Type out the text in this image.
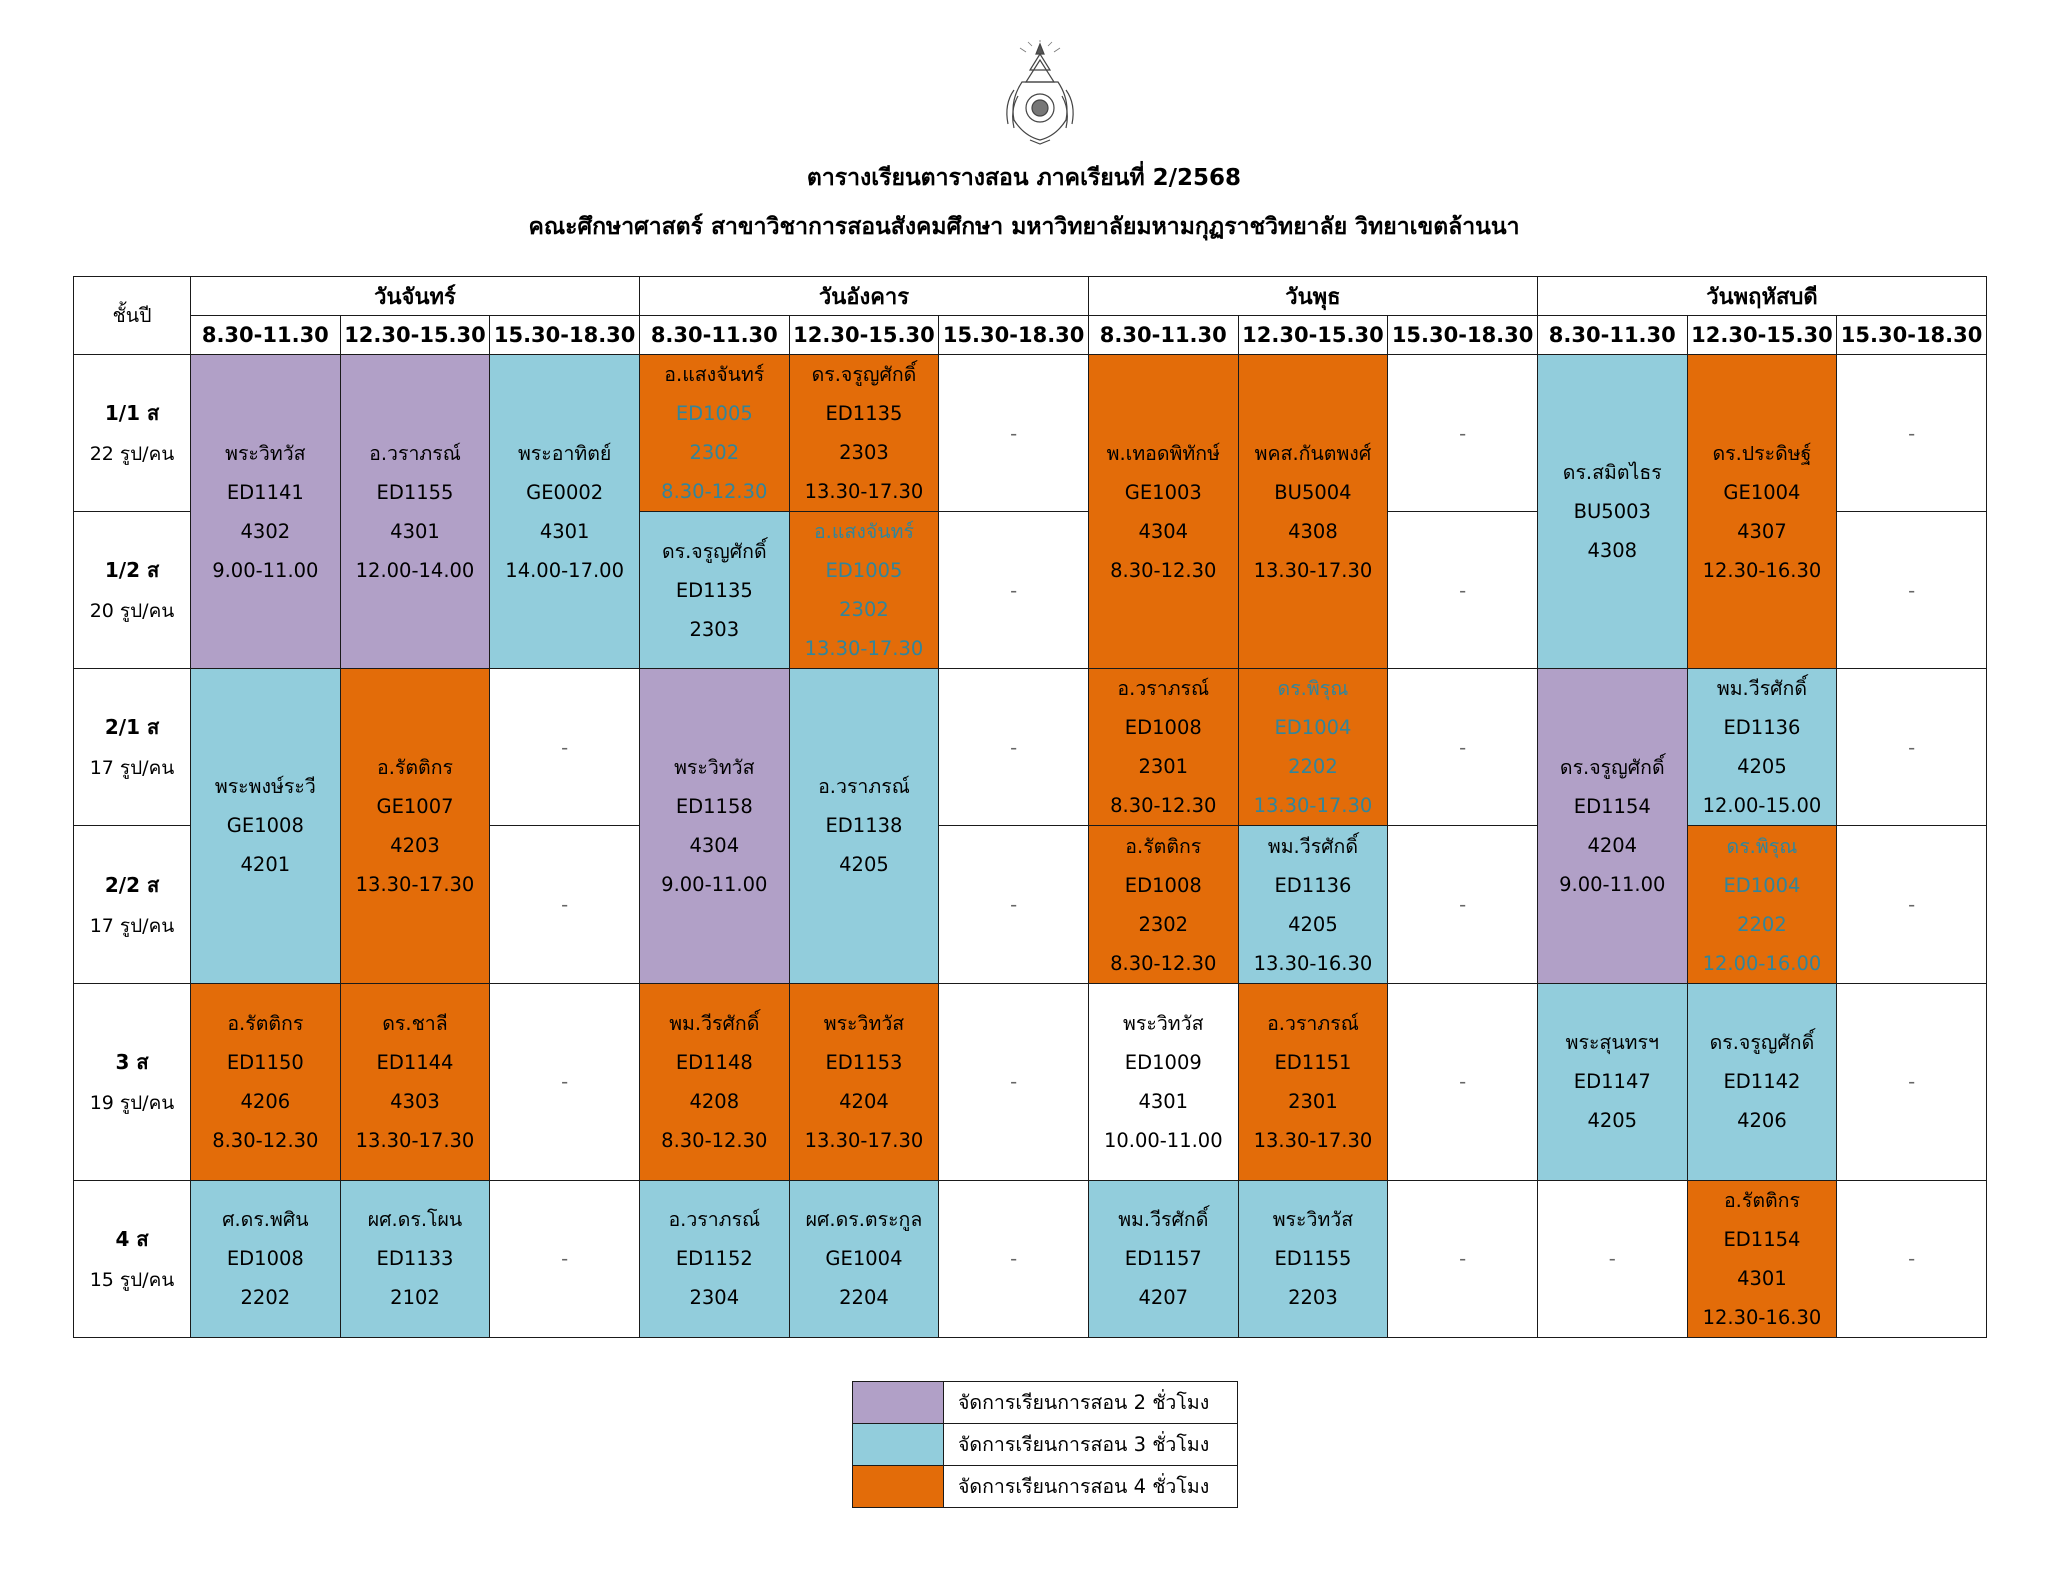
ตารางเรียนตารางสอน ภาคเรียนที่ 2/2568
คณะศึกษาศาสตร์ สาขาวิชาการสอนสังคมศึกษา มหาวิทยาลัยมหามกุฏราชวิทยาลัย วิทยาเขตล้านนา
ชั้นปี	วันจันทร์			วันอังคาร			วันพุธ			วันพฤหัสบดี		
	8.30-11.30	12.30-15.30	15.30-18.30	8.30-11.30	12.30-15.30	15.30-18.30	8.30-11.30	12.30-15.30	15.30-18.30	8.30-11.30	12.30-15.30	15.30-18.30

1/1 ส
22 รูป/คน	พระวิทวัส
ED1141
4302
9.00-11.00	อ.วราภรณ์
ED1155
4301
12.00-14.00	พระอาทิตย์
GE0002
4301
14.00-17.00	อ.แสงจันทร์
ED1005
2302
8.30-12.30	ดร.จรูญศักดิ์
ED1135
2303
13.30-17.30	-	พ.เทอดพิทักษ์
GE1003
4304
8.30-12.30	พคส.กันตพงศ์
BU5004
4308
13.30-17.30	-	ดร.สมิตไธร
BU5003
4308	ดร.ประดิษฐ์
GE1004
4307
12.30-16.30	-

1/2 ส
20 รูป/คน				ดร.จรูญศักดิ์
ED1135
2303	อ.แสงจันทร์
ED1005
2302
13.30-17.30	-			-			-

2/1 ส
17 รูป/คน	พระพงษ์ระวี
GE1008
4201	อ.รัตติกร
GE1007
4203
13.30-17.30	-	พระวิทวัส
ED1158
4304
9.00-11.00	อ.วราภรณ์
ED1138
4205	-	อ.วราภรณ์
ED1008
2301
8.30-12.30	ดร.พิรุณ
ED1004
2202
13.30-17.30	-	ดร.จรูญศักดิ์
ED1154
4204
9.00-11.00	พม.วีรศักดิ์
ED1136
4205
12.00-15.00	-

2/2 ส
17 รูป/คน			-			-	อ.รัตติกร
ED1008
2302
8.30-12.30	พม.วีรศักดิ์
ED1136
4205
13.30-16.30	-		ดร.พิรุณ
ED1004
2202
12.00-16.00	-

3 ส
19 รูป/คน	อ.รัตติกร
ED1150
4206
8.30-12.30	ดร.ชาลี
ED1144
4303
13.30-17.30	-	พม.วีรศักดิ์
ED1148
4208
8.30-12.30	พระวิทวัส
ED1153
4204
13.30-17.30	-	พระวิทวัส
ED1009
4301
10.00-11.00	อ.วราภรณ์
ED1151
2301
13.30-17.30	-	พระสุนทรฯ
ED1147
4205	ดร.จรูญศักดิ์
ED1142
4206	-

4 ส
15 รูป/คน	ศ.ดร.พศิน
ED1008
2202	ผศ.ดร.โผน
ED1133
2102	-	อ.วราภรณ์
ED1152
2304	ผศ.ดร.ตระกูล
GE1004
2204	-	พม.วีรศักดิ์
ED1157
4207	พระวิทวัส
ED1155
2203	-	-	อ.รัตติกร
ED1154
4301
12.30-16.30	-
	จัดการเรียนการสอน 2 ชั่วโมง
	จัดการเรียนการสอน 3 ชั่วโมง
	จัดการเรียนการสอน 4 ชั่วโมง
